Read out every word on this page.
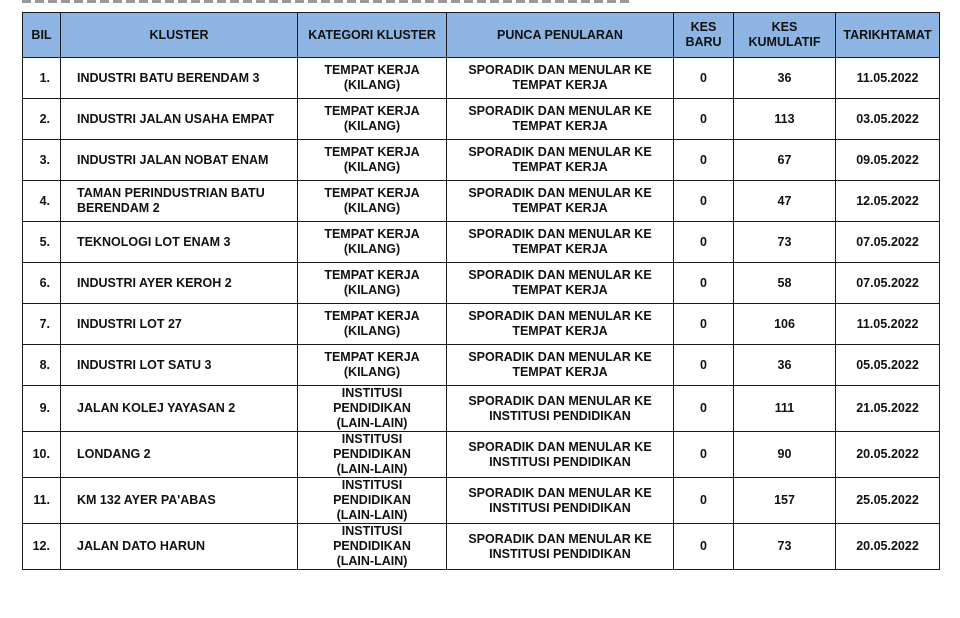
BIL	KLUSTER	KATEGORI KLUSTER	PUNCA PENULARAN	KES
BARU	KES
KUMULATIF	TARIKHTAMAT

1.	INDUSTRI BATU BERENDAM 3	TEMPAT KERJA
(KILANG)	SPORADIK DAN MENULAR KE
TEMPAT KERJA	0	36	11.05.2022

2.	INDUSTRI JALAN USAHA EMPAT	TEMPAT KERJA
(KILANG)	SPORADIK DAN MENULAR KE
TEMPAT KERJA	0	113	03.05.2022

3.	INDUSTRI JALAN NOBAT ENAM	TEMPAT KERJA
(KILANG)	SPORADIK DAN MENULAR KE
TEMPAT KERJA	0	67	09.05.2022

4.	TAMAN PERINDUSTRIAN BATU
BERENDAM 2	TEMPAT KERJA
(KILANG)	SPORADIK DAN MENULAR KE
TEMPAT KERJA	0	47	12.05.2022

5.	TEKNOLOGI LOT ENAM 3	TEMPAT KERJA
(KILANG)	SPORADIK DAN MENULAR KE
TEMPAT KERJA	0	73	07.05.2022

6.	INDUSTRI AYER KEROH 2	TEMPAT KERJA
(KILANG)	SPORADIK DAN MENULAR KE
TEMPAT KERJA	0	58	07.05.2022

7.	INDUSTRI LOT 27	TEMPAT KERJA
(KILANG)	SPORADIK DAN MENULAR KE
TEMPAT KERJA	0	106	11.05.2022

8.	INDUSTRI LOT SATU 3	TEMPAT KERJA
(KILANG)	SPORADIK DAN MENULAR KE
TEMPAT KERJA	0	36	05.05.2022

9.	JALAN KOLEJ YAYASAN 2	INSTITUSI
PENDIDIKAN
(LAIN-LAIN)	SPORADIK DAN MENULAR KE
INSTITUSI PENDIDIKAN	0	111	21.05.2022

10.	LONDANG 2	INSTITUSI
PENDIDIKAN
(LAIN-LAIN)	SPORADIK DAN MENULAR KE
INSTITUSI PENDIDIKAN	0	90	20.05.2022

11.	KM 132 AYER PA'ABAS	INSTITUSI
PENDIDIKAN
(LAIN-LAIN)	SPORADIK DAN MENULAR KE
INSTITUSI PENDIDIKAN	0	157	25.05.2022

12.	JALAN DATO HARUN	INSTITUSI
PENDIDIKAN
(LAIN-LAIN)	SPORADIK DAN MENULAR KE
INSTITUSI PENDIDIKAN	0	73	20.05.2022
